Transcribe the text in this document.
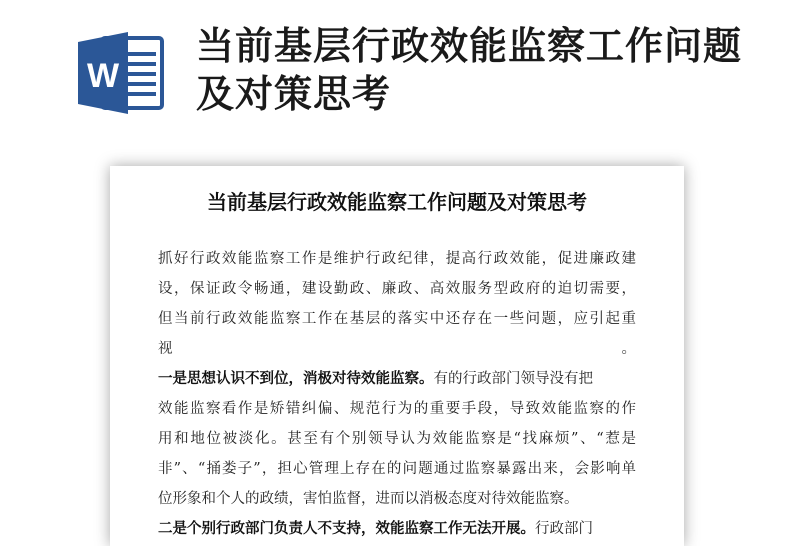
W
当前基层行政效能监察工作问题及对策思考
当前基层行政效能监察工作问题及对策思考
抓好行政效能监察工作是维护行政纪律，提高行政效能，促进廉政建
设，保证政令畅通，建设勤政、廉政、高效服务型政府的迫切需要，
但当前行政效能监察工作在基层的落实中还存在一些问题，应引起重
视	。
一是思想认识不到位，消极对待效能监察。有的行政部门领导没有把
效能监察看作是矫错纠偏、规范行为的重要手段，导致效能监察的作
用和地位被淡化。甚至有个别领导认为效能监察是“找麻烦”、“惹是
非”、“捅娄子”，担心管理上存在的问题通过监察暴露出来，会影响单
位形象和个人的政绩，害怕监督，进而以消极态度对待效能监察。
二是个别行政部门负责人不支持，效能监察工作无法开展。行政部门
